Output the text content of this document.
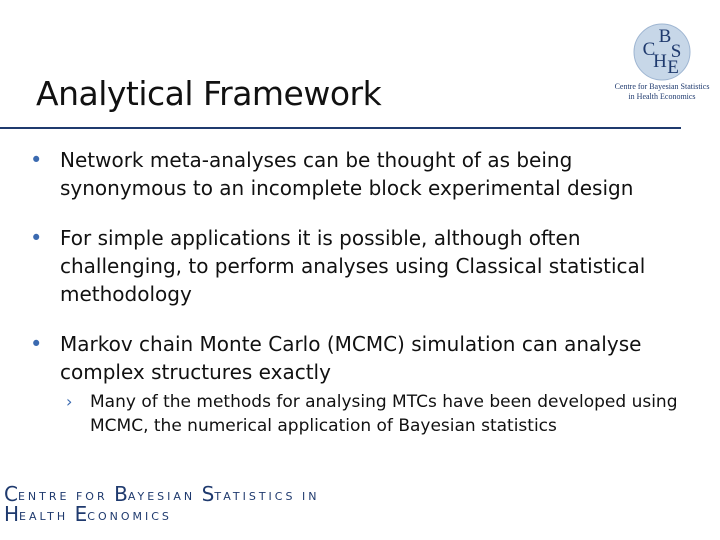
Analytical Framework
B
C
H S
E
Centre for Bayesian Statistics
in Health Economics
• Network meta-analyses can be thought of as being synonymous to an incomplete block experimental design
• For simple applications it is possible, although often challenging, to perform analyses using Classical statistical methodology
• Markov chain Monte Carlo (MCMC) simulation can analyse complex structures exactly
› Many of the methods for analysing MTCs have been developed using MCMC, the numerical application of Bayesian statistics
CENTRE FOR BAYESIAN STATISTICS IN
HEALTH ECONOMICS
